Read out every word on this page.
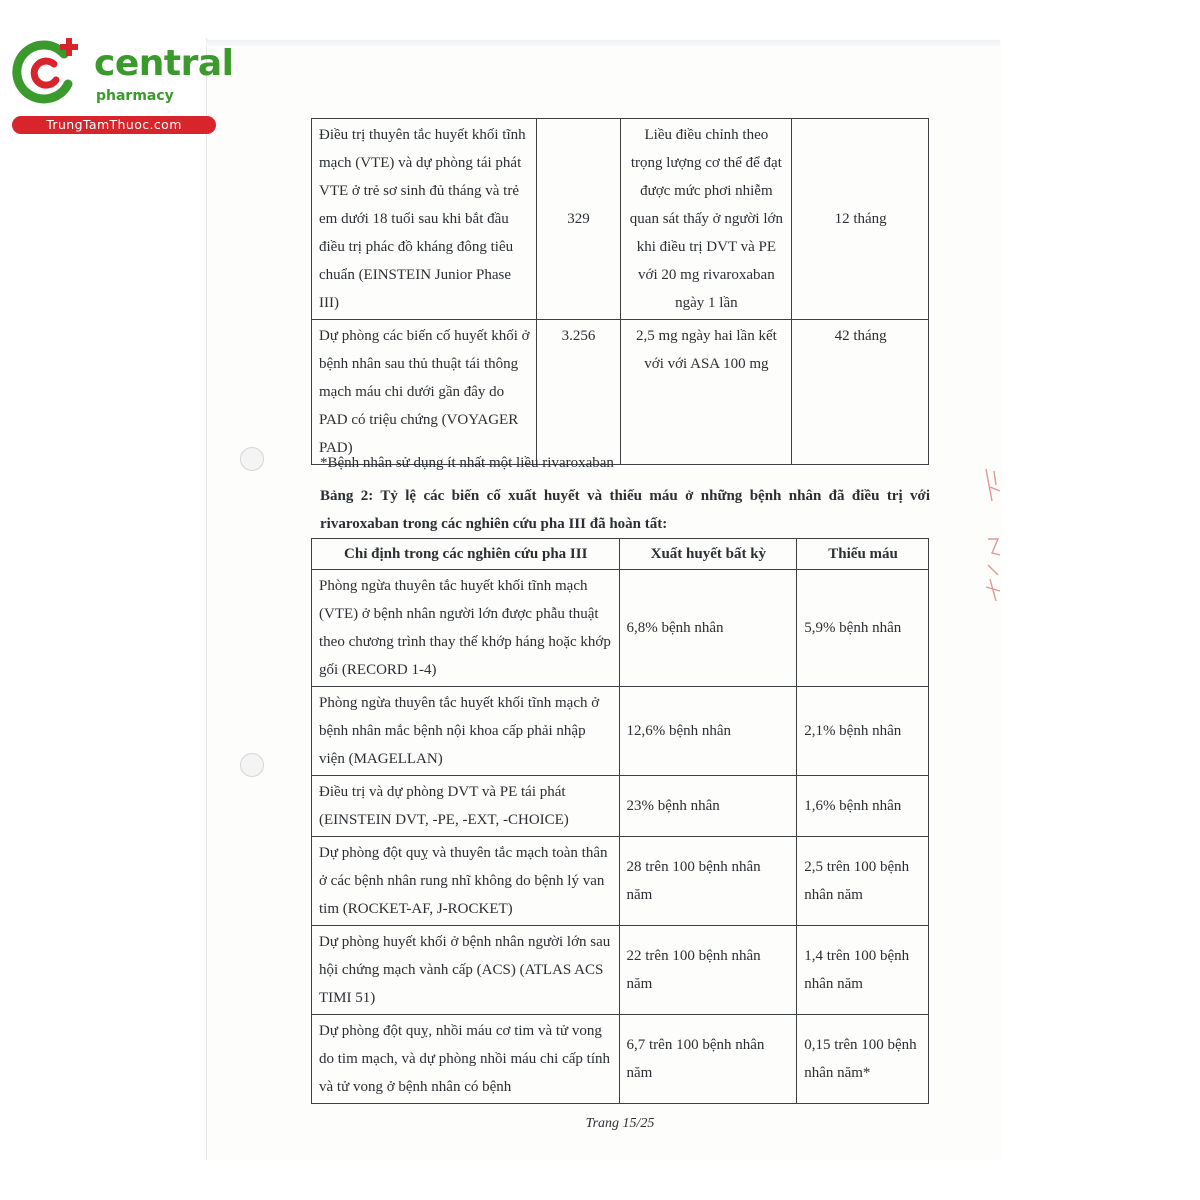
central
pharmacy
TrungTamThuoc.com
Điều trị thuyên tắc huyết khối tĩnh mạch (VTE) và dự phòng tái phát VTE ở trẻ sơ sinh đủ tháng và trẻ em dưới 18 tuổi sau khi bắt đầu điều trị phác đồ kháng đông tiêu chuẩn (EINSTEIN Junior Phase III)	329	Liều điều chỉnh theo trọng lượng cơ thể để đạt được mức phơi nhiễm quan sát thấy ở người lớn khi điều trị DVT và PE với 20 mg rivaroxaban ngày 1 lần	12 tháng
Dự phòng các biến cố huyết khối ở bệnh nhân sau thủ thuật tái thông mạch máu chi dưới gần đây do PAD có triệu chứng (VOYAGER PAD)	3.256	2,5 mg ngày hai lần kết với với ASA 100 mg	42 tháng
*Bệnh nhân sử dụng ít nhất một liều rivaroxaban
Bảng 2: Tỷ lệ các biến cố xuất huyết và thiếu máu ở những bệnh nhân đã điều trị với rivaroxaban trong các nghiên cứu pha III đã hoàn tất:
Chỉ định trong các nghiên cứu pha III	Xuất huyết bất kỳ	Thiếu máu
Phòng ngừa thuyên tắc huyết khối tĩnh mạch (VTE) ở bệnh nhân người lớn được phẫu thuật theo chương trình thay thế khớp háng hoặc khớp gối (RECORD 1-4)	6,8% bệnh nhân	5,9% bệnh nhân
Phòng ngừa thuyên tắc huyết khối tĩnh mạch ở bệnh nhân mắc bệnh nội khoa cấp phải nhập viện (MAGELLAN)	12,6% bệnh nhân	2,1% bệnh nhân
Điều trị và dự phòng DVT và PE tái phát (EINSTEIN DVT, -PE, -EXT, -CHOICE)	23% bệnh nhân	1,6% bệnh nhân
Dự phòng đột quỵ và thuyên tắc mạch toàn thân ở các bệnh nhân rung nhĩ không do bệnh lý van tim (ROCKET-AF, J-ROCKET)	28 trên 100 bệnh nhân năm	2,5 trên 100 bệnh nhân năm
Dự phòng huyết khối ở bệnh nhân người lớn sau hội chứng mạch vành cấp (ACS) (ATLAS ACS TIMI 51)	22 trên 100 bệnh nhân năm	1,4 trên 100 bệnh nhân năm
Dự phòng đột quỵ, nhồi máu cơ tim và tử vong do tim mạch, và dự phòng nhồi máu chi cấp tính và tử vong ở bệnh nhân có bệnh	6,7 trên 100 bệnh nhân năm	0,15 trên 100 bệnh nhân năm*
Trang 15/25
